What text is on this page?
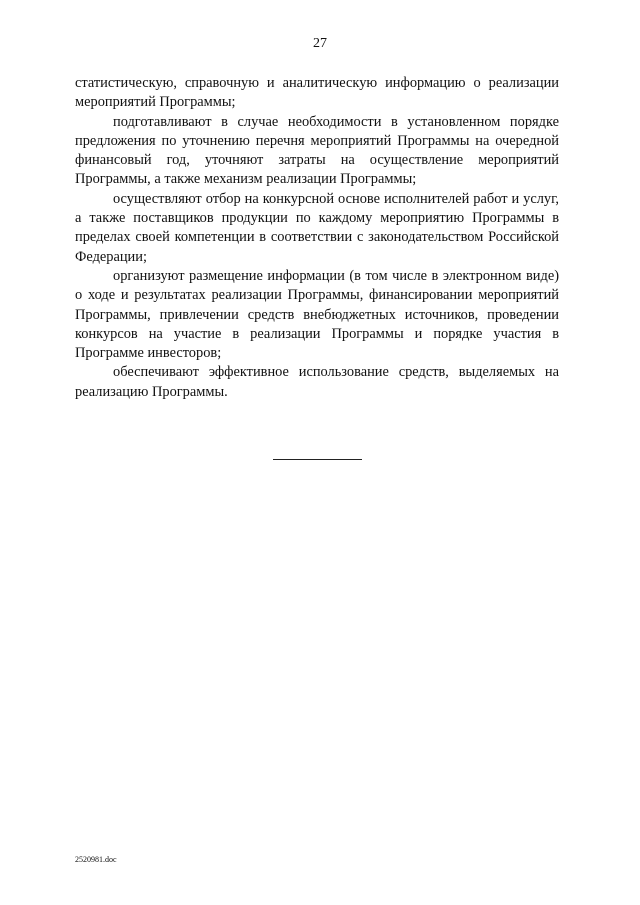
27

статистическую, справочную и аналитическую информацию о реализации мероприятий Программы;

подготавливают в случае необходимости в установленном порядке предложения по уточнению перечня мероприятий Программы на очередной финансовый год, уточняют затраты на осуществление мероприятий Программы, а также механизм реализации Программы;

осуществляют отбор на конкурсной основе исполнителей работ и услуг, а также поставщиков продукции по каждому мероприятию Программы в пределах своей компетенции в соответствии с законодательством Российской Федерации;

организуют размещение информации (в том числе в электронном виде) о ходе и результатах реализации Программы, финансировании мероприятий Программы, привлечении средств внебюджетных источников, проведении конкурсов на участие в реализации Программы и порядке участия в Программе инвесторов;

обеспечивают эффективное использование средств, выделяемых на реализацию Программы.

2520981.doc
